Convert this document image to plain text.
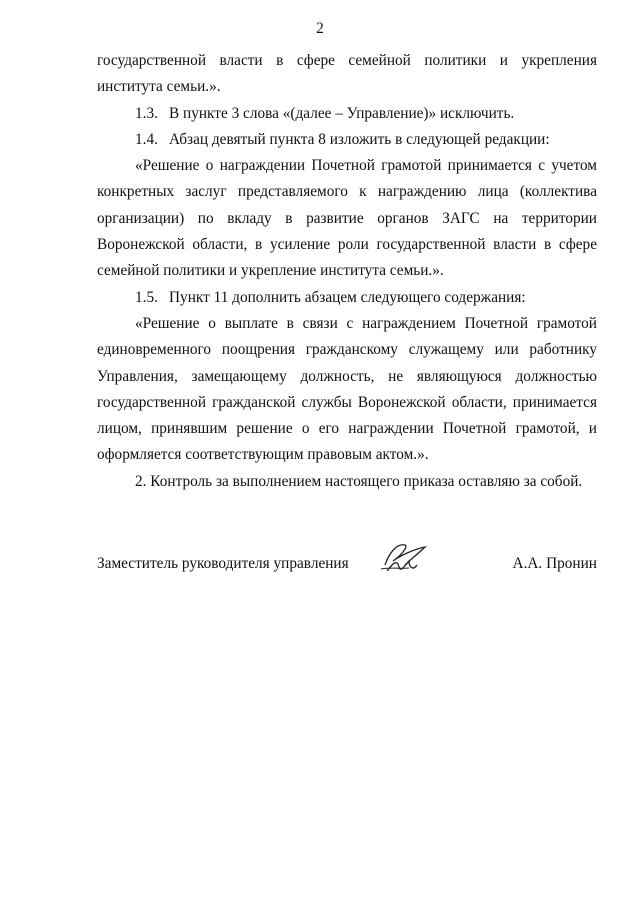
2

государственной власти в сфере семейной политики и укрепления института семьи.».

1.3. В пункте 3 слова «(далее – Управление)» исключить.

1.4. Абзац девятый пункта 8 изложить в следующей редакции:

«Решение о награждении Почетной грамотой принимается с учетом конкретных заслуг представляемого к награждению лица (коллектива организации) по вкладу в развитие органов ЗАГС на территории Воронежской области, в усиление роли государственной власти в сфере семейной политики и укрепление института семьи.».

1.5. Пункт 11 дополнить абзацем следующего содержания:

«Решение о выплате в связи с награждением Почетной грамотой единовременного поощрения гражданскому служащему или работнику Управления, замещающему должность, не являющуюся должностью государственной гражданской службы Воронежской области, принимается лицом, принявшим решение о его награждении Почетной грамотой, и оформляется соответствующим правовым актом.».

2. Контроль за выполнением настоящего приказа оставляю за собой.

Заместитель руководителя управления	А.А. Пронин
